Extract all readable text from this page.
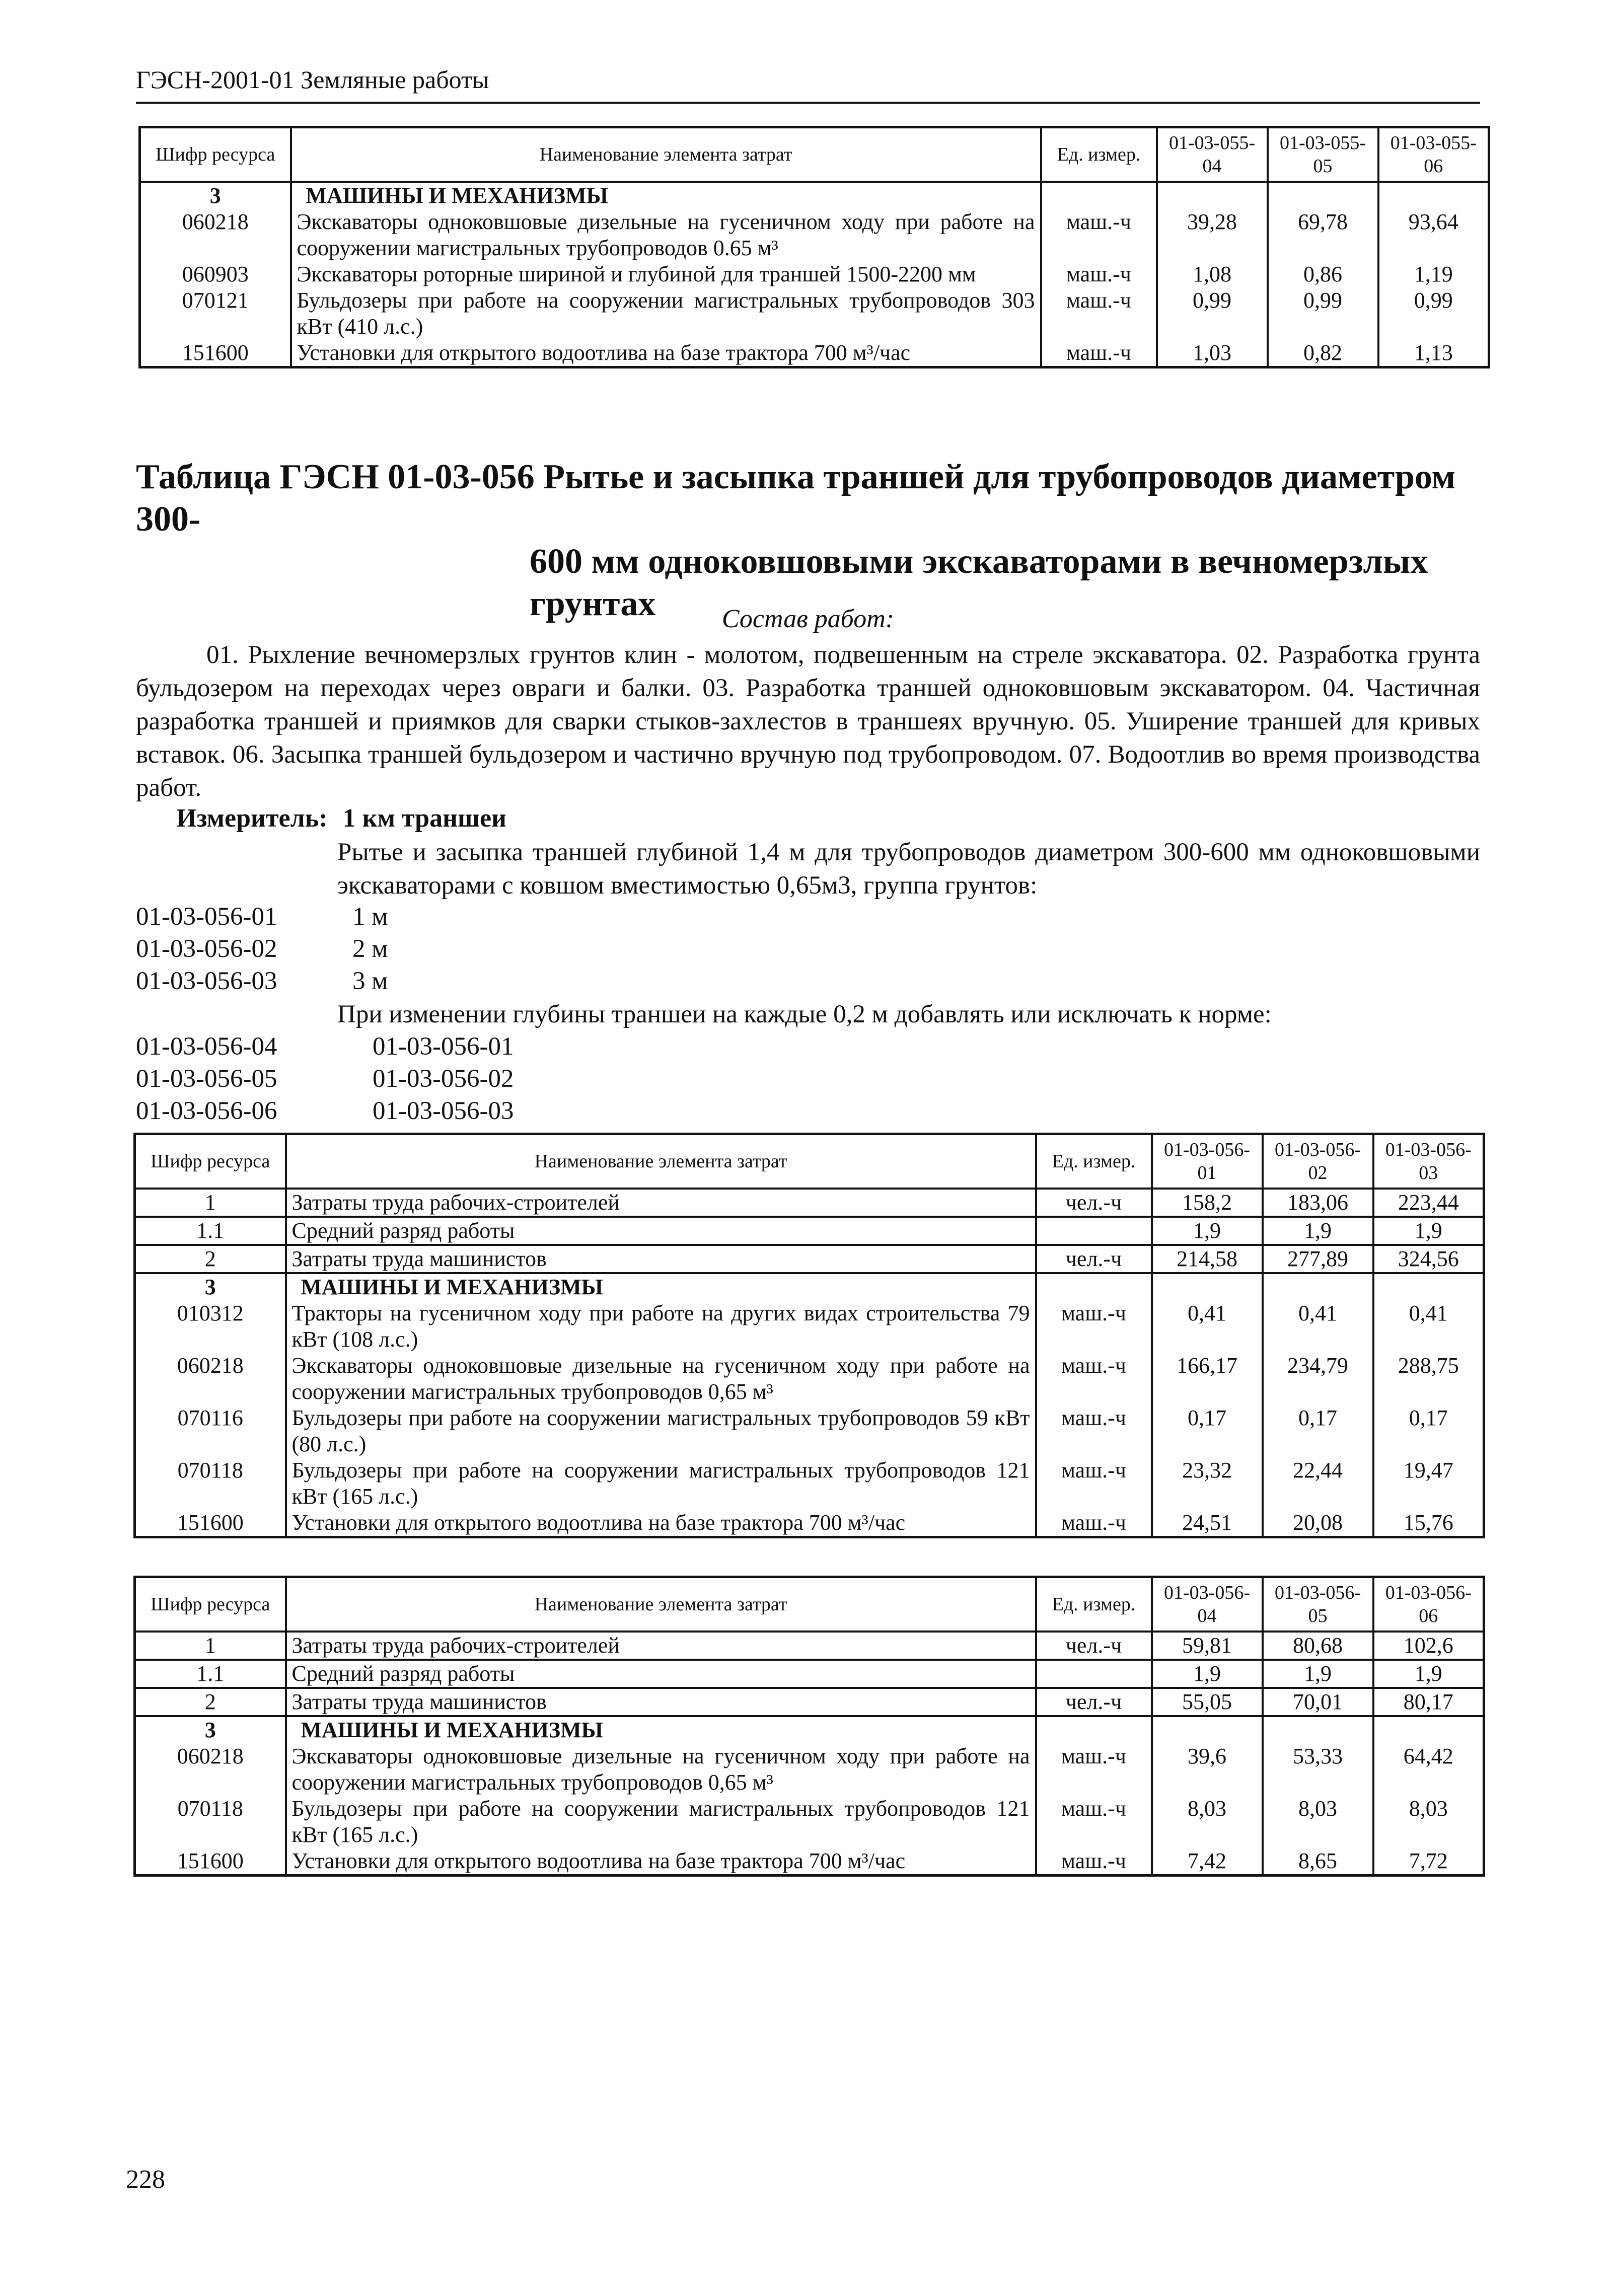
ГЭСН-2001-01 Земляные работы
Шифр ресурса	Наименование элемента затрат	Ед. измер.	01-03-055-04	01-03-055-05	01-03-055-06
3	МАШИНЫ И МЕХАНИЗМЫ				
060218	Экскаваторы одноковшовые дизельные на гусеничном ходу при работе на сооружении магистральных трубопроводов 0.65 м³	маш.-ч	39,28	69,78	93,64
060903	Экскаваторы роторные шириной и глубиной для траншей 1500-2200 мм	маш.-ч	1,08	0,86	1,19
070121	Бульдозеры при работе на сооружении магистральных трубопроводов 303 кВт (410 л.с.)	маш.-ч	0,99	0,99	0,99
151600	Установки для открытого водоотлива на базе трактора 700 м³/час	маш.-ч	1,03	0,82	1,13
Таблица ГЭСН 01-03-056 Рытье и засыпка траншей для трубопроводов диаметром 300-
600 мм одноковшовыми экскаваторами в вечномерзлых
грунтах	Состав работ:
01. Рыхление вечномерзлых грунтов клин - молотом, подвешенным на стреле экскаватора. 02. Разработка грунта бульдозером на переходах через овраги и балки. 03. Разработка траншей одноковшовым экскаватором. 04. Частичная разработка траншей и приямков для сварки стыков-захлестов в траншеях вручную. 05. Уширение траншей для кривых вставок. 06. Засыпка траншей бульдозером и частично вручную под трубопроводом. 07. Водоотлив во время производства работ.
Измеритель: 1 км траншеи
Рытье и засыпка траншей глубиной 1,4 м для трубопроводов диаметром 300-600 мм одноковшовыми экскаваторами с ковшом вместимостью 0,65м3, группа грунтов:
01-03-056-01	1 м
01-03-056-02	2 м
01-03-056-03	3 м
При изменении глубины траншеи на каждые 0,2 м добавлять или исключать к норме:
01-03-056-04	01-03-056-01
01-03-056-05	01-03-056-02
01-03-056-06	01-03-056-03
Шифр ресурса	Наименование элемента затрат	Ед. измер.	01-03-056-01	01-03-056-02	01-03-056-03
1	Затраты труда рабочих-строителей	чел.-ч	158,2	183,06	223,44
1.1	Средний разряд работы		1,9	1,9	1,9
2	Затраты труда машинистов	чел.-ч	214,58	277,89	324,56
3	МАШИНЫ И МЕХАНИЗМЫ				
010312	Тракторы на гусеничном ходу при работе на других видах строительства 79 кВт (108 л.с.)	маш.-ч	0,41	0,41	0,41
060218	Экскаваторы одноковшовые дизельные на гусеничном ходу при работе на сооружении магистральных трубопроводов 0,65 м³	маш.-ч	166,17	234,79	288,75
070116	Бульдозеры при работе на сооружении магистральных трубопроводов 59 кВт (80 л.с.)	маш.-ч	0,17	0,17	0,17
070118	Бульдозеры при работе на сооружении магистральных трубопроводов 121 кВт (165 л.с.)	маш.-ч	23,32	22,44	19,47
151600	Установки для открытого водоотлива на базе трактора 700 м³/час	маш.-ч	24,51	20,08	15,76
Шифр ресурса	Наименование элемента затрат	Ед. измер.	01-03-056-04	01-03-056-05	01-03-056-06
1	Затраты труда рабочих-строителей	чел.-ч	59,81	80,68	102,6
1.1	Средний разряд работы		1,9	1,9	1,9
2	Затраты труда машинистов	чел.-ч	55,05	70,01	80,17
3	МАШИНЫ И МЕХАНИЗМЫ				
060218	Экскаваторы одноковшовые дизельные на гусеничном ходу при работе на сооружении магистральных трубопроводов 0,65 м³	маш.-ч	39,6	53,33	64,42
070118	Бульдозеры при работе на сооружении магистральных трубопроводов 121 кВт (165 л.с.)	маш.-ч	8,03	8,03	8,03
151600	Установки для открытого водоотлива на базе трактора 700 м³/час	маш.-ч	7,42	8,65	7,72
228
